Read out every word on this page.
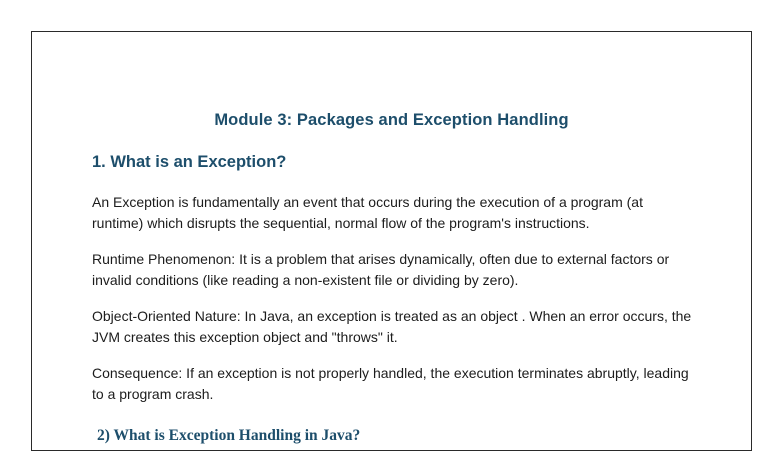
Module 3: Packages and Exception Handling
1. What is an Exception?

An Exception is fundamentally an event that occurs during the execution of a program (at runtime) which disrupts the sequential, normal flow of the program's instructions.

Runtime Phenomenon: It is a problem that arises dynamically, often due to external factors or invalid conditions (like reading a non-existent file or dividing by zero).

Object-Oriented Nature: In Java, an exception is treated as an object . When an error occurs, the JVM creates this exception object and "throws" it.

Consequence: If an exception is not properly handled, the execution terminates abruptly, leading to a program crash.

2) What is Exception Handling in Java?
